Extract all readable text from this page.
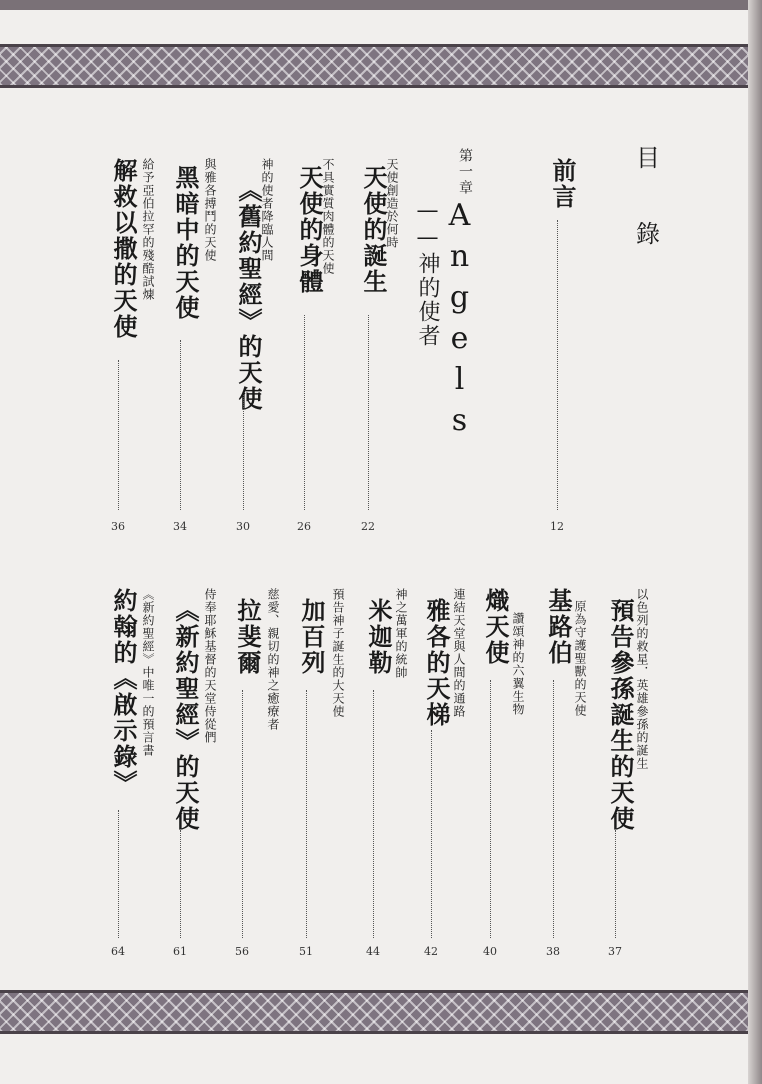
目
錄
前言
12
第一章
Angels
——神的使者
天使創造於何時
天使的誕生
22
不具實質肉體的天使
天使的身體
26
神的使者降臨人間
《舊約聖經》的天使
30
與雅各搏鬥的天使
黑暗中的天使
34
給予亞伯拉罕的殘酷試煉
解救以撒的天使
36
以色列的救星．英雄參孫的誕生
預告參孫誕生的天使
37
原為守護聖獸的天使
基路伯
38
讚頌神的六翼生物
熾天使
40
連結天堂與人間的通路
雅各的天梯
42
神之萬軍的統帥
米迦勒
44
預告神子誕生的大天使
加百列
51
慈愛、親切的神之癒療者
拉斐爾
56
侍奉耶穌基督的天堂侍從們
《新約聖經》的天使
61
《新約聖經》中唯一的預言書
約翰的《啟示錄》
64
